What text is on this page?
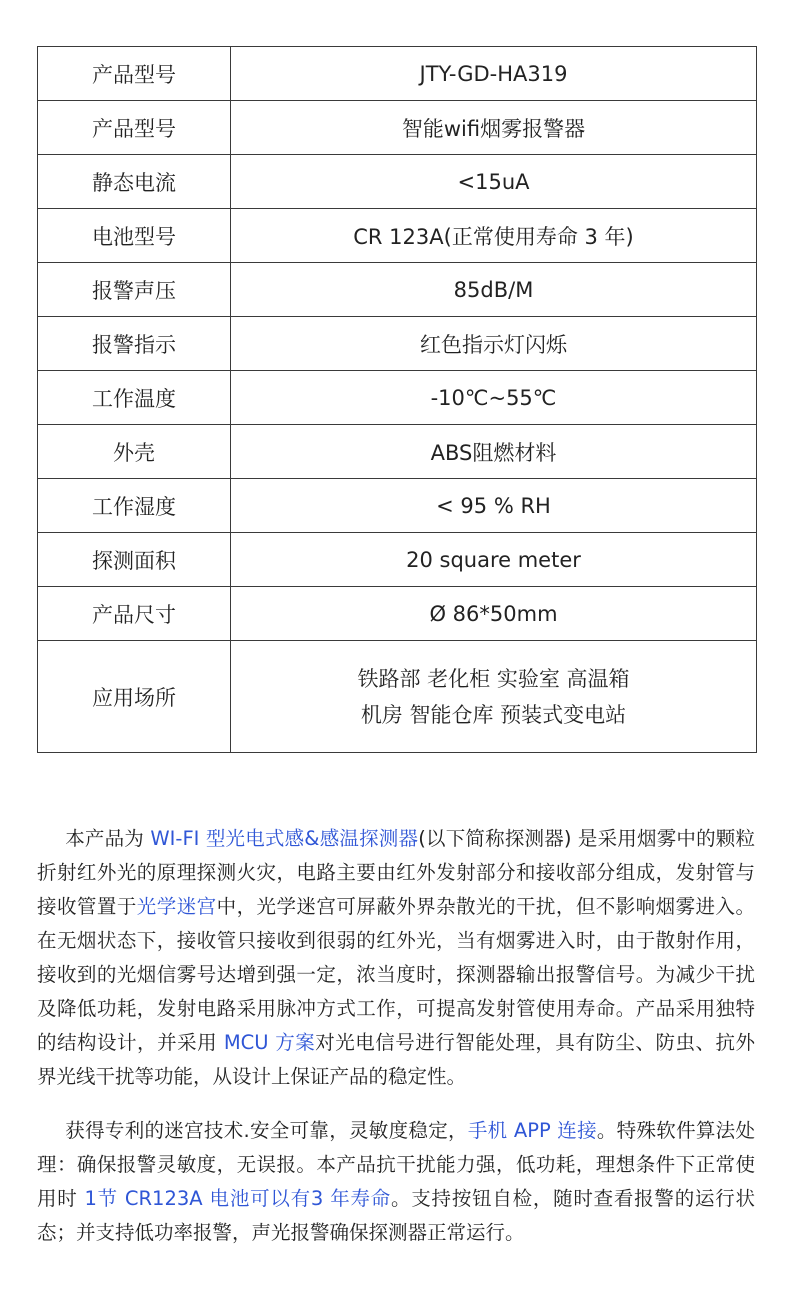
产品型号	JTY-GD-HA319
产品型号	智能wifi烟雾报警器
静态电流	<15uA
电池型号	CR 123A(正常使用寿命 3 年)
报警声压	85dB/M
报警指示	红色指示灯闪烁
工作温度	-10℃~55℃
外壳	ABS阻燃材料
工作湿度	< 95 % RH
探测面积	20 square meter
产品尺寸	Ø 86*50mm
应用场所	铁路部 老化柜 实验室 高温箱
机房 智能仓库 预装式变电站

本产品为 WI-FI 型光电式感&感温探测器(以下简称探测器) 是采用烟雾中的颗粒折射红外光的原理探测火灾，电路主要由红外发射部分和接收部分组成，发射管与接收管置于光学迷宫中，光学迷宫可屏蔽外界杂散光的干扰，但不影响烟雾进入。在无烟状态下，接收管只接收到很弱的红外光，当有烟雾进入时，由于散射作用，接收到的光烟信雾号达增到强一定，浓当度时，探测器输出报警信号。为减少干扰及降低功耗，发射电路采用脉冲方式工作，可提高发射管使用寿命。产品采用独特的结构设计，并采用 MCU 方案对光电信号进行智能处理，具有防尘、防虫、抗外界光线干扰等功能，从设计上保证产品的稳定性。

获得专利的迷宫技术.安全可靠，灵敏度稳定，手机 APP 连接。特殊软件算法处理：确保报警灵敏度，无误报。本产品抗干扰能力强，低功耗，理想条件下正常使用时 1节 CR123A 电池可以有3 年寿命。支持按钮自检，随时查看报警的运行状态；并支持低功率报警，声光报警确保探测器正常运行。
